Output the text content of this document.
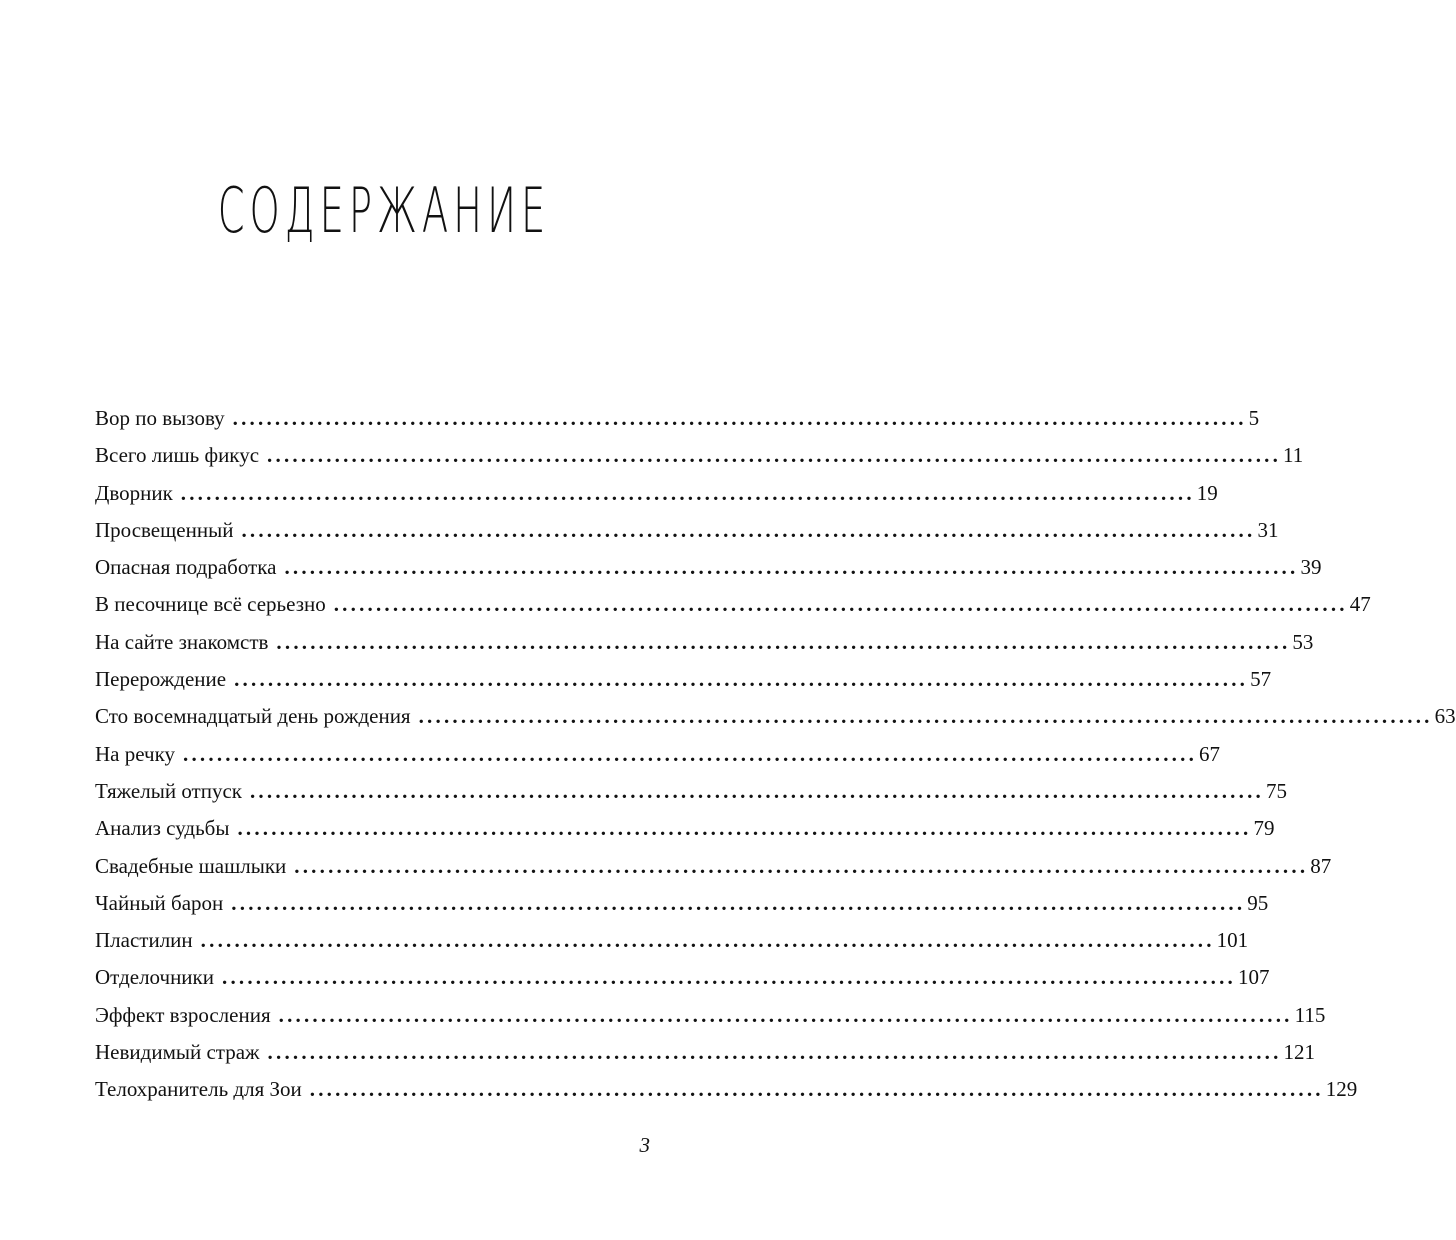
СОДЕРЖАНИЕ
Вор по вызову ........................................................................................................................ 5
Всего лишь фикус ........................................................................................................................ 11
Дворник ........................................................................................................................ 19
Просвещенный ........................................................................................................................ 31
Опасная подработка ........................................................................................................................ 39
В песочнице всё серьезно ........................................................................................................................ 47
На сайте знакомств ........................................................................................................................ 53
Перерождение ........................................................................................................................ 57
Сто восемнадцатый день рождения ........................................................................................................................ 63
На речку ........................................................................................................................ 67
Тяжелый отпуск ........................................................................................................................ 75
Анализ судьбы ........................................................................................................................ 79
Свадебные шашлыки ........................................................................................................................ 87
Чайный барон ........................................................................................................................ 95
Пластилин ........................................................................................................................ 101
Отделочники ........................................................................................................................ 107
Эффект взросления ........................................................................................................................ 115
Невидимый страж ........................................................................................................................ 121
Телохранитель для Зои ........................................................................................................................ 129
3
